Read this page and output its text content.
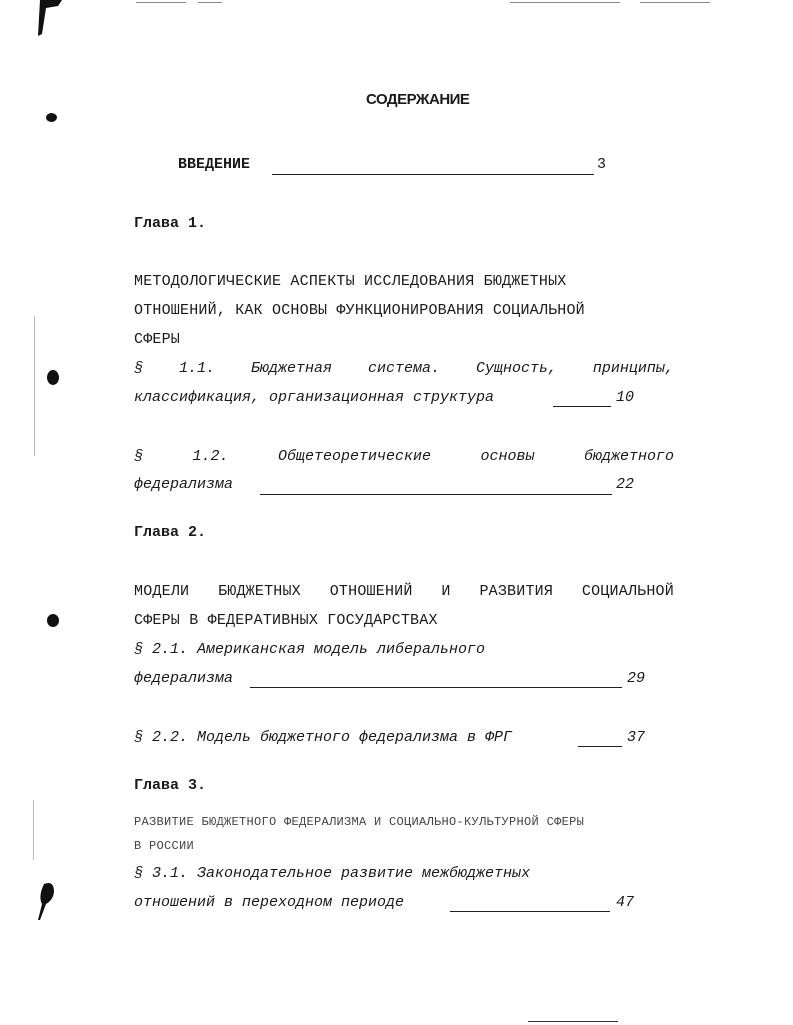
СОДЕРЖАНИЕ
ВВЕДЕНИЕ	3
Глава 1.
МЕТОДОЛОГИЧЕСКИЕ АСПЕКТЫ ИССЛЕДОВАНИЯ БЮДЖЕТНЫХ
ОТНОШЕНИЙ, КАК ОСНОВЫ ФУНКЦИОНИРОВАНИЯ СОЦИАЛЬНОЙ
СФЕРЫ
§ 1.1. Бюджетная система. Сущность, принципы,
классификация, организационная структура	10
§	1.2.	Общетеоретические	основы	бюджетного
федерализма	22
Глава 2.
МОДЕЛИ БЮДЖЕТНЫХ ОТНОШЕНИЙ И РАЗВИТИЯ СОЦИАЛЬНОЙ
СФЕРЫ В ФЕДЕРАТИВНЫХ ГОСУДАРСТВАХ
§ 2.1. Американская модель либерального
федерализма	29
§ 2.2. Модель бюджетного федерализма в ФРГ	37
Глава 3.
РАЗВИТИЕ БЮДЖЕТНОГО ФЕДЕРАЛИЗМА И СОЦИАЛЬНО-КУЛЬТУРНОЙ СФЕРЫ
В РОССИИ
§ 3.1. Законодательное развитие межбюджетных
отношений в переходном периоде	47
